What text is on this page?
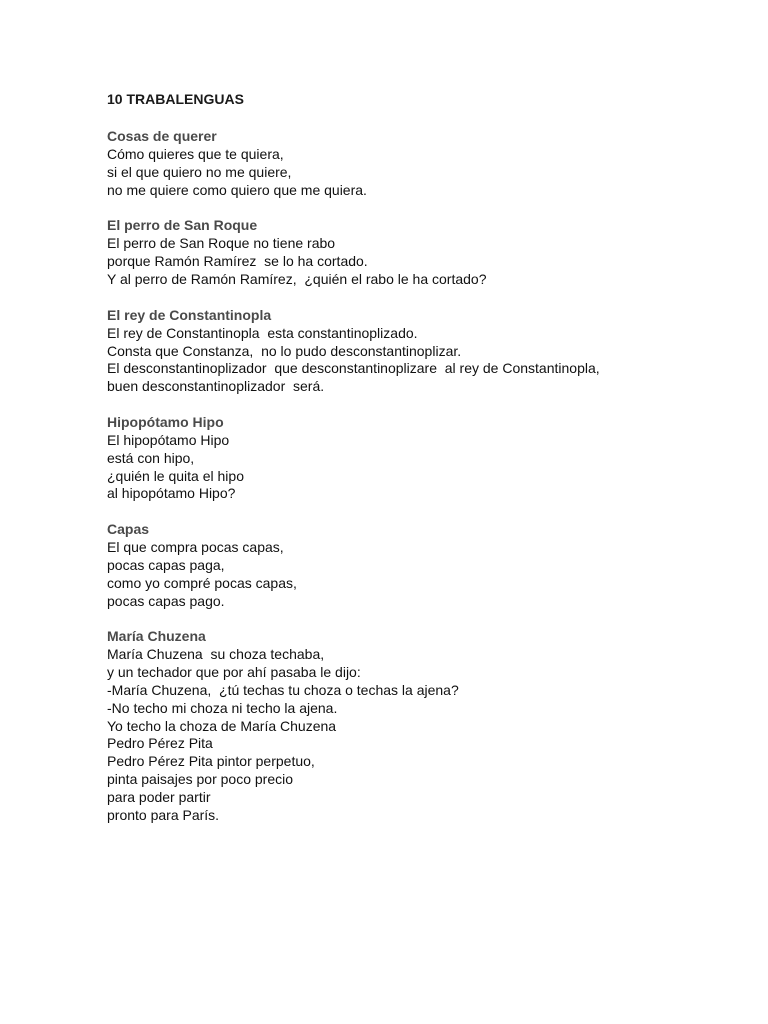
10 TRABALENGUAS
Cosas de querer
Cómo quieres que te quiera,
si el que quiero no me quiere,
no me quiere como quiero que me quiera.
El perro de San Roque
El perro de San Roque no tiene rabo
porque Ramón Ramírez  se lo ha cortado.
Y al perro de Ramón Ramírez,  ¿quién el rabo le ha cortado?
El rey de Constantinopla
El rey de Constantinopla  esta constantinoplizado.
Consta que Constanza,  no lo pudo desconstantinoplizar.
El desconstantinoplizador  que desconstantinoplizare  al rey de Constantinopla,
buen desconstantinoplizador  será.
Hipopótamo Hipo
El hipopótamo Hipo
está con hipo,
¿quién le quita el hipo
al hipopótamo Hipo?
Capas
El que compra pocas capas,
pocas capas paga,
como yo compré pocas capas,
pocas capas pago.
María Chuzena
María Chuzena  su choza techaba,
y un techador que por ahí pasaba le dijo:
-María Chuzena,  ¿tú techas tu choza o techas la ajena?
-No techo mi choza ni techo la ajena.
Yo techo la choza de María Chuzena
Pedro Pérez Pita
Pedro Pérez Pita pintor perpetuo,
pinta paisajes por poco precio
para poder partir
pronto para París.
